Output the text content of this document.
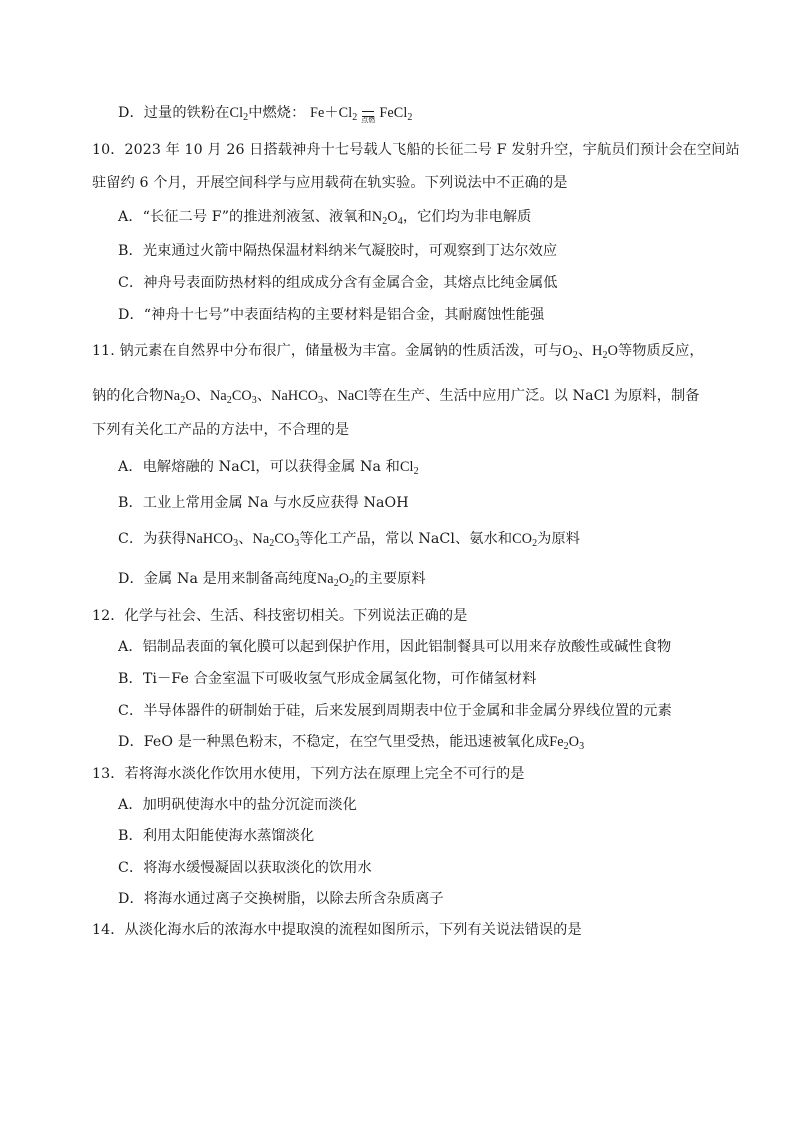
D．过量的铁粉在$Cl_2$中燃烧： $Fe+Cl_2$ 点燃 FeCl$_2$
10．2023 年 10 月 26 日搭载神舟十七号载人飞船的长征二号 F 发射升空，宇航员们预计会在空间站
驻留约 6 个月，开展空间科学与应用载荷在轨实验。下列说法中不正确的是
A．“长征二号 F”的推进剂液氢、液氧和$N_2O_4$，它们均为非电解质
B．光束通过火箭中隔热保温材料纳米气凝胶时，可观察到丁达尔效应
C．神舟号表面防热材料的组成成分含有金属合金，其熔点比纯金属低
D．“神舟十七号”中表面结构的主要材料是铝合金，其耐腐蚀性能强
11. 钠元素在自然界中分布很广，储量极为丰富。金属钠的性质活泼，可与$O_2$、$H_2O$等物质反应，
钠的化合物$Na_2O$、$Na_2CO_3$、NaHCO$_3$、NaCl等在生产、生活中应用广泛。以 NaCl 为原料，制备
下列有关化工产品的方法中，不合理的是
A．电解熔融的 NaCl，可以获得金属 Na 和$Cl_2$
B．工业上常用金属 Na 与水反应获得 NaOH
C．为获得NaHCO$_3$、$Na_2CO_3$等化工产品，常以 NaCl、氨水和$CO_2$为原料
D．金属 Na 是用来制备高纯度$Na_2O_2$的主要原料
12．化学与社会、生活、科技密切相关。下列说法正确的是
A．铝制品表面的氧化膜可以起到保护作用，因此铝制餐具可以用来存放酸性或碱性食物
B．Ti－Fe 合金室温下可吸收氢气形成金属氢化物，可作储氢材料
C．半导体器件的研制始于硅，后来发展到周期表中位于金属和非金属分界线位置的元素
D．FeO 是一种黑色粉末，不稳定，在空气里受热，能迅速被氧化成$Fe_2O_3$
13．若将海水淡化作饮用水使用，下列方法在原理上完全不可行的是
A．加明矾使海水中的盐分沉淀而淡化
B．利用太阳能使海水蒸馏淡化
C．将海水缓慢凝固以获取淡化的饮用水
D．将海水通过离子交换树脂，以除去所含杂质离子
14．从淡化海水后的浓海水中提取溴的流程如图所示，下列有关说法错误的是
